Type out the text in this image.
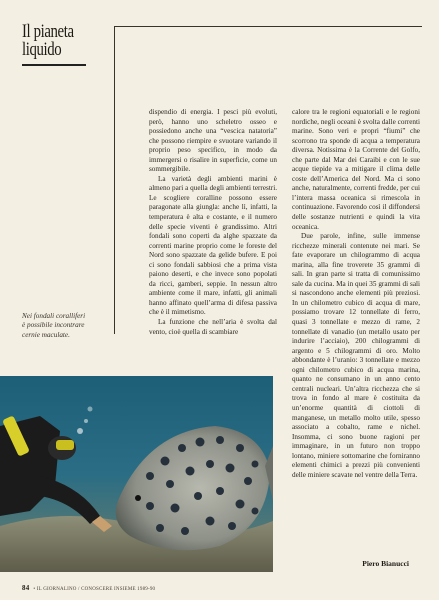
Il pianeta
liquido
Nei fondali coralliferi
è possibile incontrare
cernie maculate.

dispendio di energia. I pesci più evoluti, però, hanno uno scheletro osseo e possiedono anche una “vescica natatoria” che possono riempire e svuotare variando il proprio peso specifico, in modo da immergersi o risalire in superficie, come un sommergibile.

La varietà degli ambienti marini è almeno pari a quella degli ambienti terrestri. Le scogliere coralline possono essere paragonate alla giungla: anche lì, infatti, la temperatura è alta e costante, e il numero delle specie viventi è grandissimo. Altri fondali sono coperti da alghe spazzate da correnti marine proprio come le foreste del Nord sono spazzate da gelide bufere. E poi ci sono fondali sabbiosi che a prima vista paiono deserti, e che invece sono popolati da ricci, gamberi, seppie. In nessun altro ambiente come il mare, infatti, gli animali hanno affinato quell’arma di difesa passiva che è il mimetismo.

La funzione che nell’aria è svolta dal vento, cioè quella di scambiare

calore tra le regioni equatoriali e le regioni nordiche, negli oceani è svolta dalle correnti marine. Sono veri e propri “fiumi” che scorrono tra sponde di acqua a temperatura diversa. Notissima è la Corrente del Golfo, che parte dal Mar dei Caraibi e con le sue acque tiepide va a mitigare il clima delle coste dell’America del Nord. Ma ci sono anche, naturalmente, correnti fredde, per cui l’intera massa oceanica si rimescola in continuazione. Favorendo così il diffondersi delle sostanze nutrienti e quindi la vita oceanica.

Due parole, infine, sulle immense ricchezze minerali contenute nei mari. Se fate evaporare un chilogrammo di acqua marina, alla fine troverete 35 grammi di sali. In gran parte si tratta di comunissimo sale da cucina. Ma in quei 35 grammi di sali si nascondono anche elementi più preziosi. In un chilometro cubico di acqua di mare, possiamo trovare 12 tonnellate di ferro, quasi 3 tonnellate e mezzo di rame, 2 tonnellate di vanadio (un metallo usato per indurire l’acciaio), 200 chilogrammi di argento e 5 chilogrammi di oro. Molto abbondante è l’uranio: 3 tonnellate e mezzo ogni chilometro cubico di acqua marina, quanto ne consumano in un anno cento centrali nucleari. Un’altra ricchezza che si trova in fondo al mare è costituita da un’enorme quantità di ciottoli di manganese, un metallo molto utile, spesso associato a cobalto, rame e nichel. Insomma, ci sono buone ragioni per immaginare, in un futuro non troppo lontano, miniere sottomarine che forniranno elementi chimici a prezzi più convenienti delle miniere scavate nel ventre della Terra.

Piero Bianucci
84 • IL GIORNALINO / CONOSCERE INSIEME 1989-90
